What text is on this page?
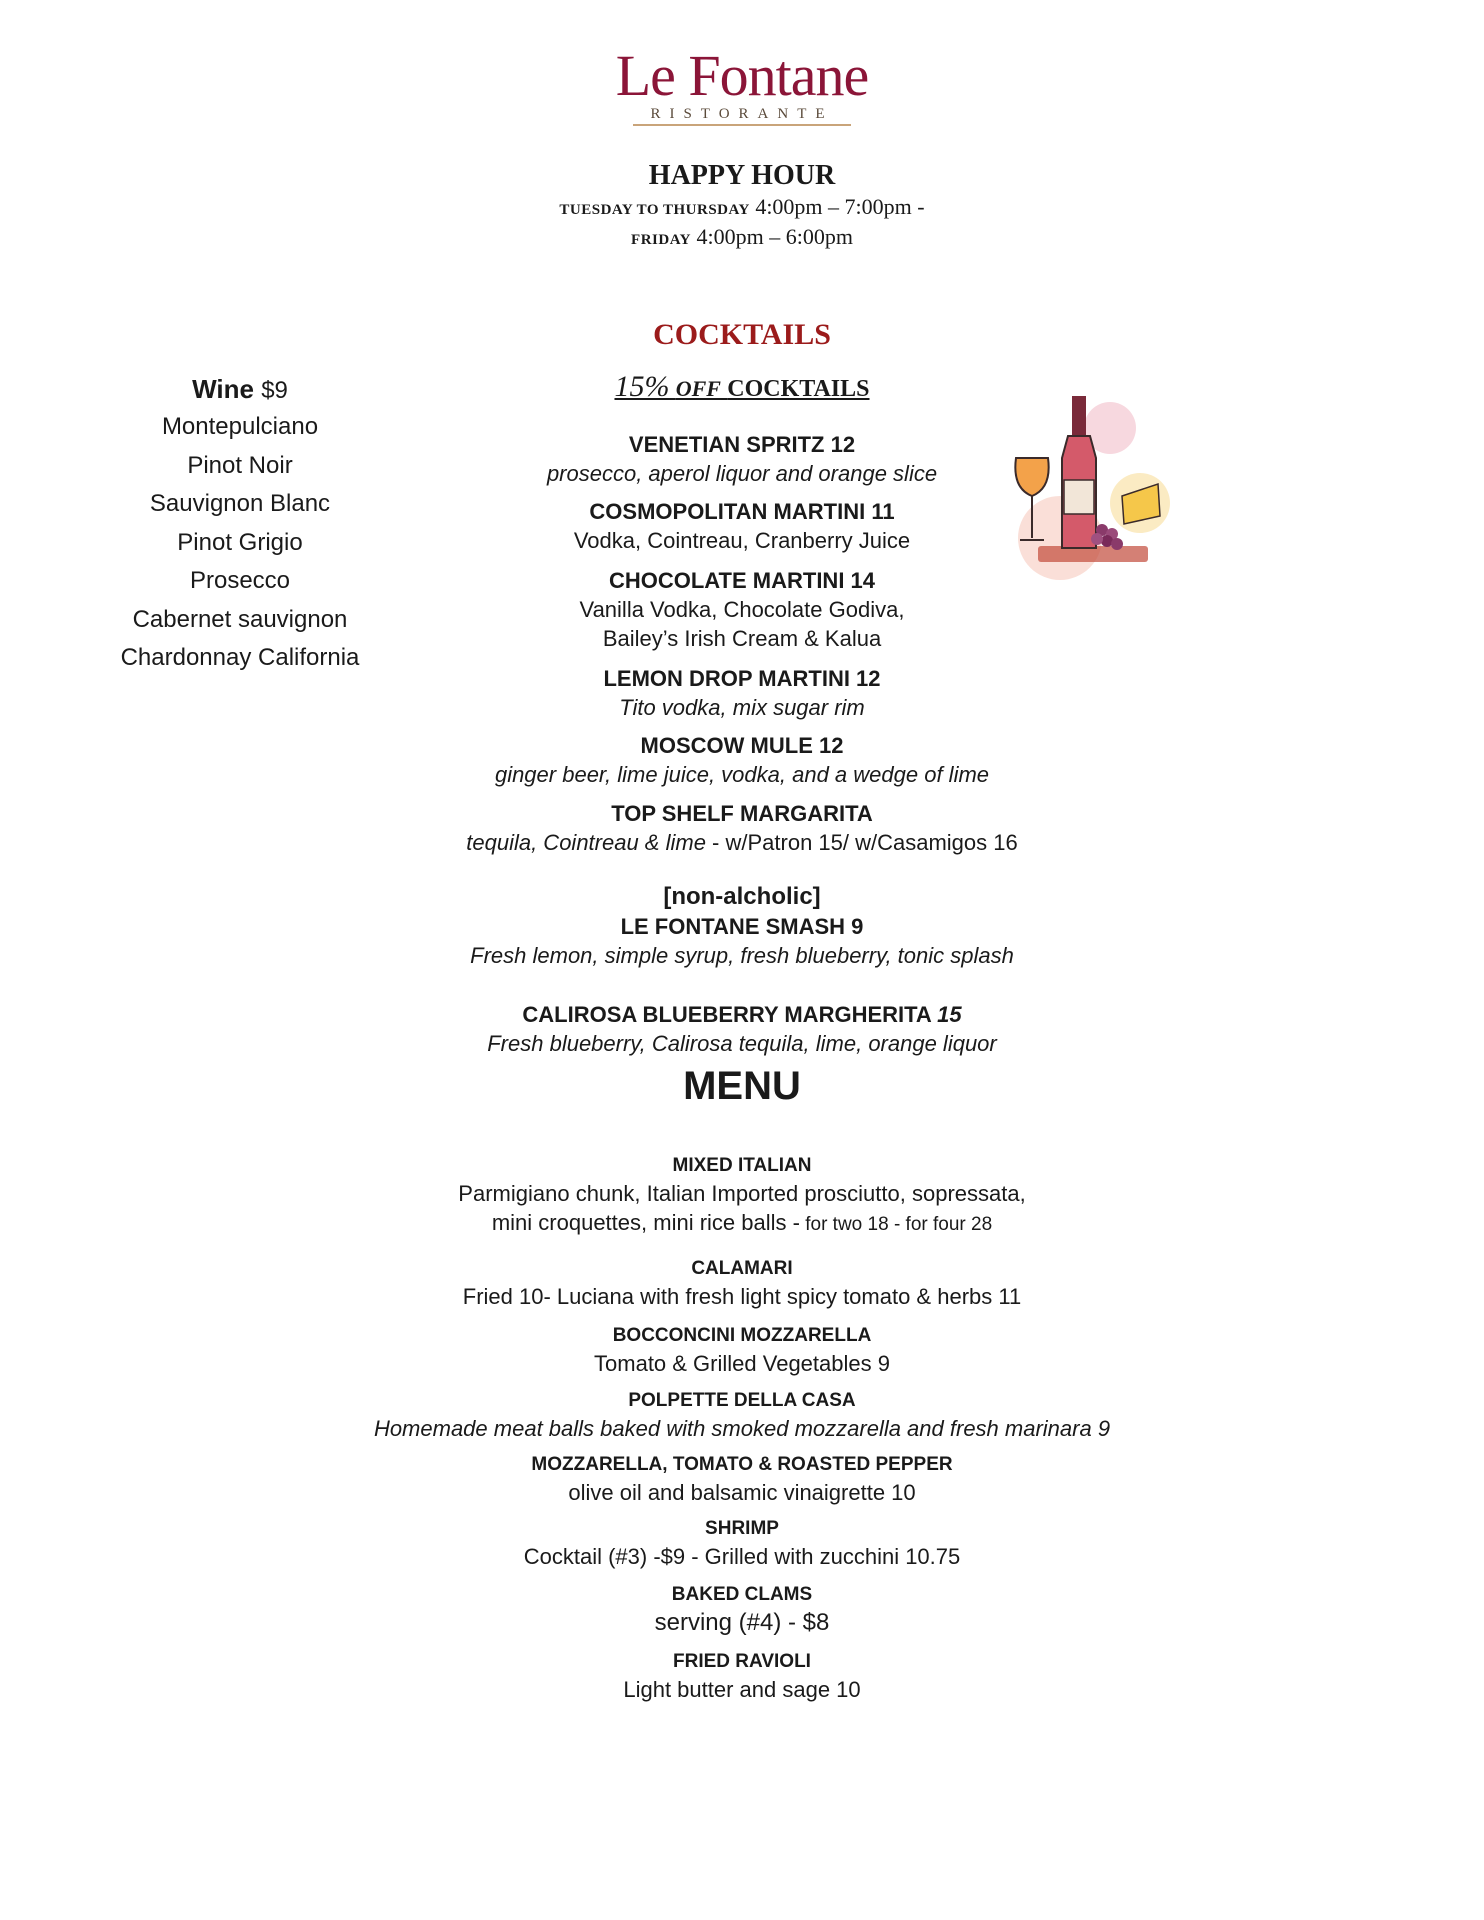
Le Fontane
RISTORANTE
HAPPY HOUR
TUESDAY TO THURSDAY 4:00pm – 7:00pm -
FRIDAY 4:00pm – 6:00pm
COCKTAILS
15% OFF COCKTAILS
Wine $9
Montepulciano
Pinot Noir
Sauvignon Blanc
Pinot Grigio
Prosecco
Cabernet sauvignon
Chardonnay California
VENETIAN SPRITZ 12
prosecco, aperol liquor and orange slice
COSMOPOLITAN MARTINI 11
Vodka, Cointreau, Cranberry Juice
CHOCOLATE MARTINI 14
Vanilla Vodka, Chocolate Godiva,
Bailey’s Irish Cream & Kalua
LEMON DROP MARTINI 12
Tito vodka, mix sugar rim
MOSCOW MULE 12
ginger beer, lime juice, vodka, and a wedge of lime
TOP SHELF MARGARITA
tequila, Cointreau & lime - w/Patron 15/ w/Casamigos 16
[non-alcholic]
LE FONTANE SMASH 9
Fresh lemon, simple syrup, fresh blueberry, tonic splash
CALIROSA BLUEBERRY MARGHERITA 15
Fresh blueberry, Calirosa tequila, lime, orange liquor
MENU
MIXED ITALIAN
Parmigiano chunk, Italian Imported prosciutto, sopressata,
mini croquettes, mini rice balls - for two 18 - for four 28
CALAMARI
Fried 10- Luciana with fresh light spicy tomato & herbs 11
BOCCONCINI MOZZARELLA
Tomato & Grilled Vegetables 9
POLPETTE DELLA CASA
Homemade meat balls baked with smoked mozzarella and fresh marinara 9
MOZZARELLA, TOMATO & ROASTED PEPPER
olive oil and balsamic vinaigrette 10
SHRIMP
Cocktail (#3) -$9 - Grilled with zucchini 10.75
BAKED CLAMS
serving (#4) - $8
FRIED RAVIOLI
Light butter and sage 10
